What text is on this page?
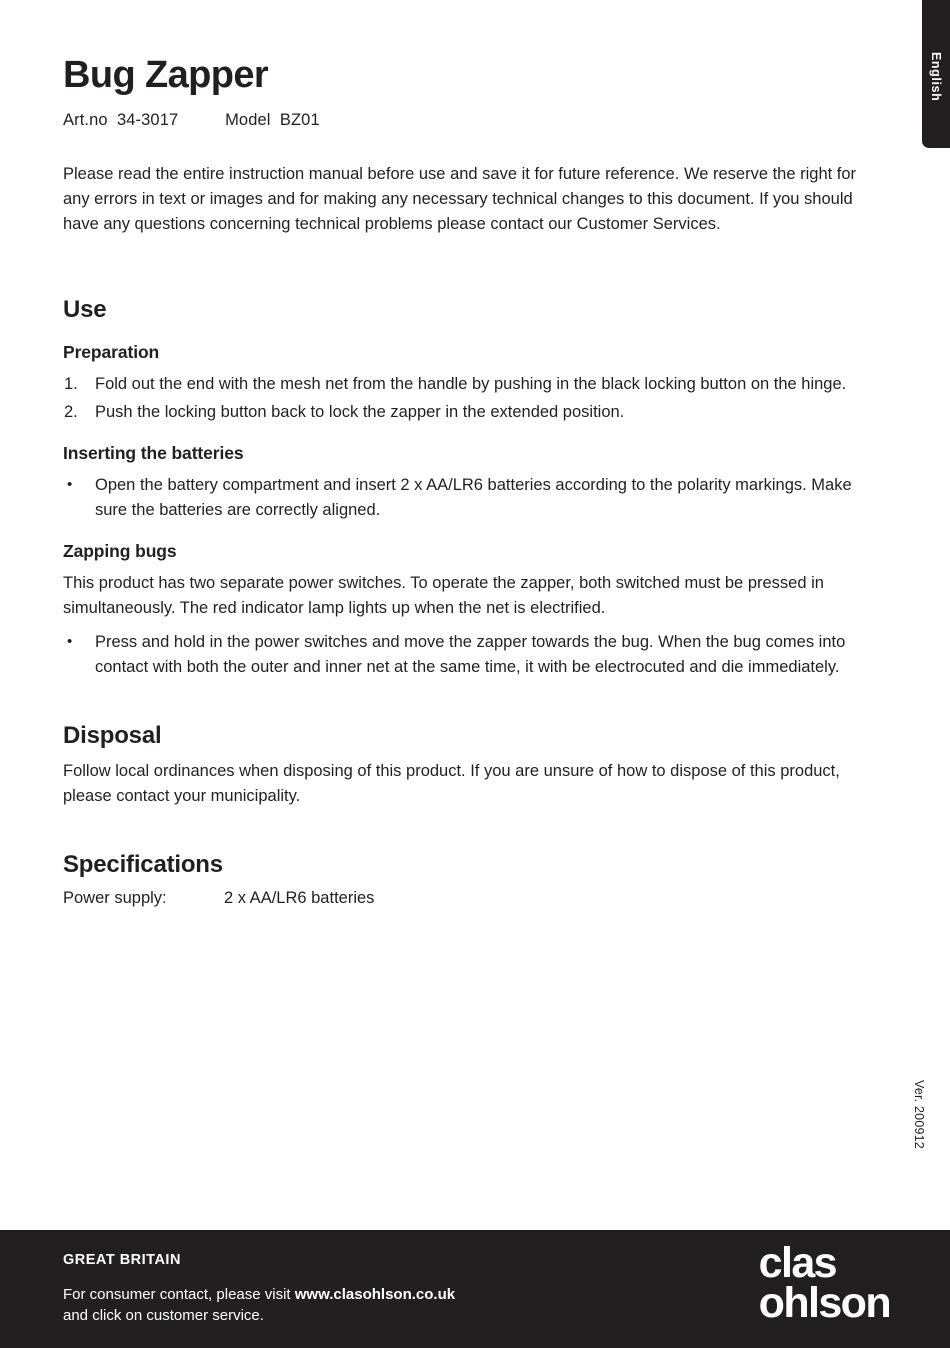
English
Ver. 200912
Bug Zapper
Art.no  34-3017          Model  BZ01

Please read the entire instruction manual before use and save it for future reference. We reserve the right for any errors in text or images and for making any necessary technical changes to this document. If you should have any questions concerning technical problems please contact our Customer Services.

Use
Preparation
1. Fold out the end with the mesh net from the handle by pushing in the black locking button on the hinge.
2. Push the locking button back to lock the zapper in the extended position.
Inserting the batteries
• Open the battery compartment and insert 2 x AA/LR6 batteries according to the polarity markings. Make sure the batteries are correctly aligned.
Zapping bugs

This product has two separate power switches. To operate the zapper, both switched must be pressed in simultaneously. The red indicator lamp lights up when the net is electrified.

• Press and hold in the power switches and move the zapper towards the bug. When the bug comes into contact with both the outer and inner net at the same time, it with be electrocuted and die immediately.
Disposal

Follow local ordinances when disposing of this product. If you are unsure of how to dispose of this product, please contact your municipality.

Specifications
Power supply:	2 x AA/LR6 batteries
GREAT BRITAIN
For consumer contact, please visit www.clasohlson.co.uk
and click on customer service.
clas
ohlson
